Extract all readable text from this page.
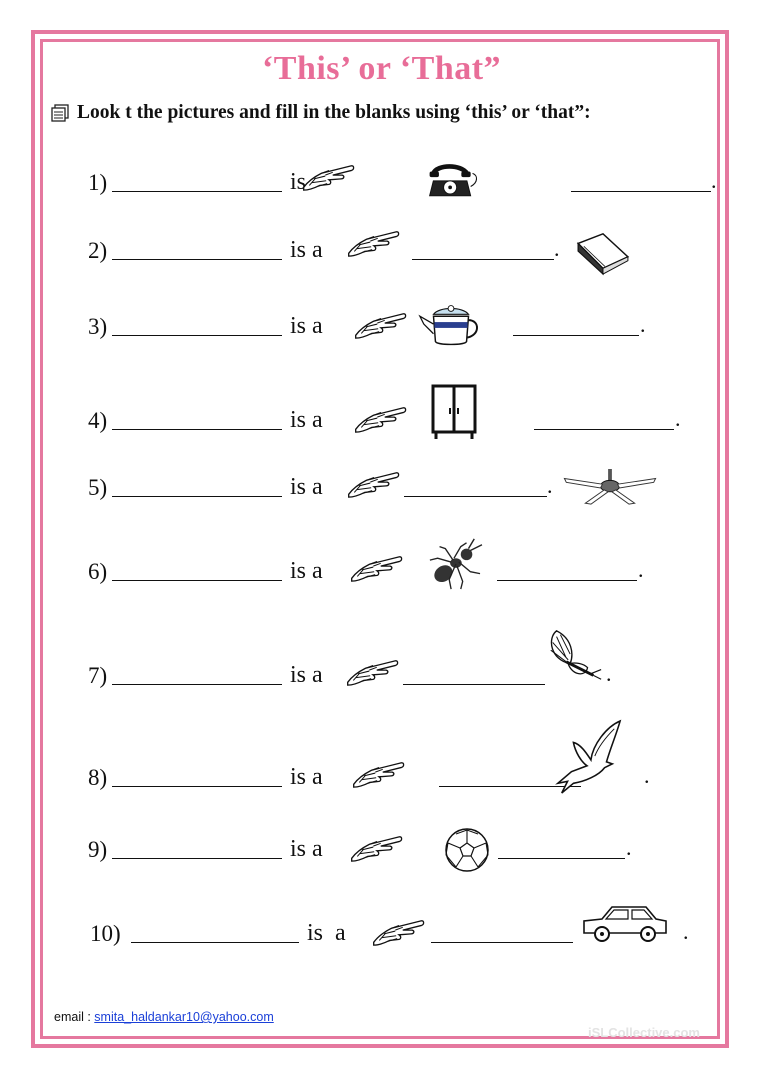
‘This’ or ‘That”
Look t the pictures and fill in the blanks using ‘this’ or ‘that”:
1)	is	.
2)	is a	.
3)	is a	.
4)	is a	.
5)	is a	.
6)	is a	.
7)	is a	.
8)	is a	.
9)	is a	.
10)	is  a	.
email : smita_haldankar10@yahoo.com
iSLCollective.com
